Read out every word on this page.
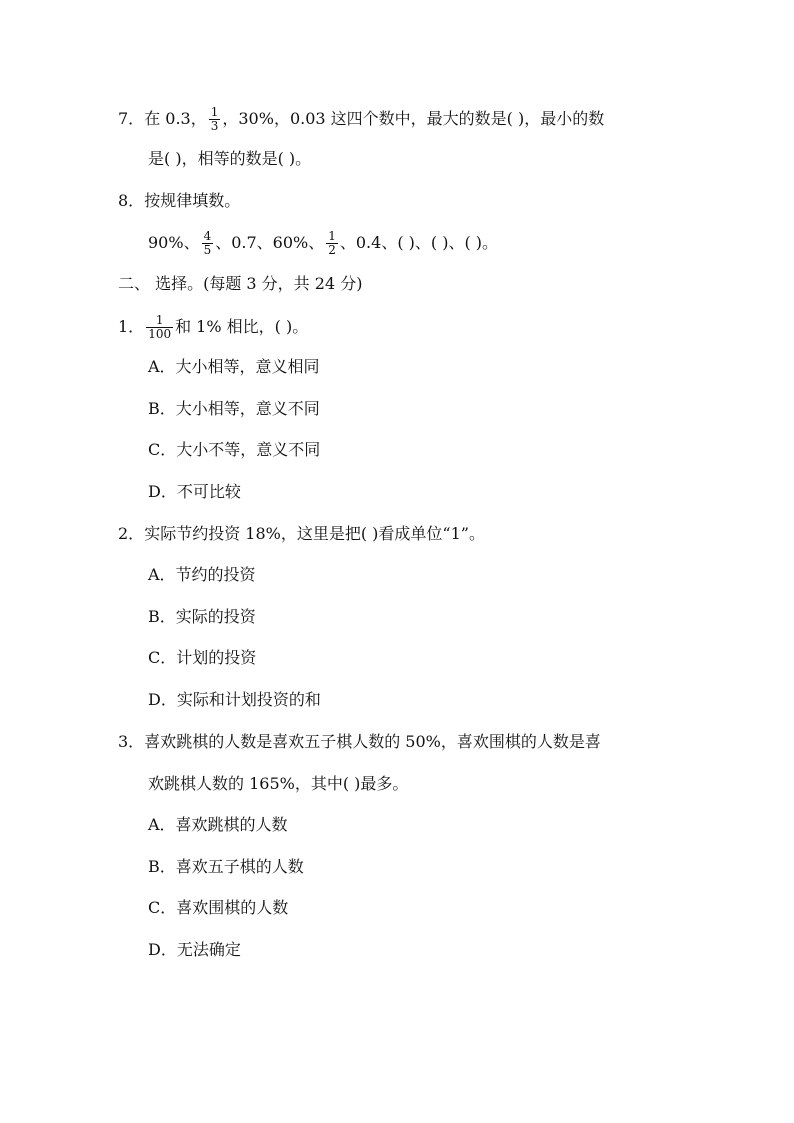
7．在 0.3， $\frac{1}{3}$ ，30%，0.03 这四个数中，最大的数是( )，最小的数
是( )，相等的数是( )。
8．按规律填数。
90%、 $\frac{4}{5}$ 、0.7、60%、 $\frac{1}{2}$ 、0.4、( )、( )、( )。
二、 选择。(每题 3 分，共 24 分)
1． $\frac{1}{100}$ 和 1% 相比，( )。
A．大小相等，意义相同
B．大小相等，意义不同
C．大小不等，意义不同
D．不可比较
2．实际节约投资 18%，这里是把( )看成单位“1”。
A．节约的投资
B．实际的投资
C．计划的投资
D．实际和计划投资的和
3．喜欢跳棋的人数是喜欢五子棋人数的 50%，喜欢围棋的人数是喜
欢跳棋人数的 165%，其中( )最多。
A．喜欢跳棋的人数
B．喜欢五子棋的人数
C．喜欢围棋的人数
D．无法确定
